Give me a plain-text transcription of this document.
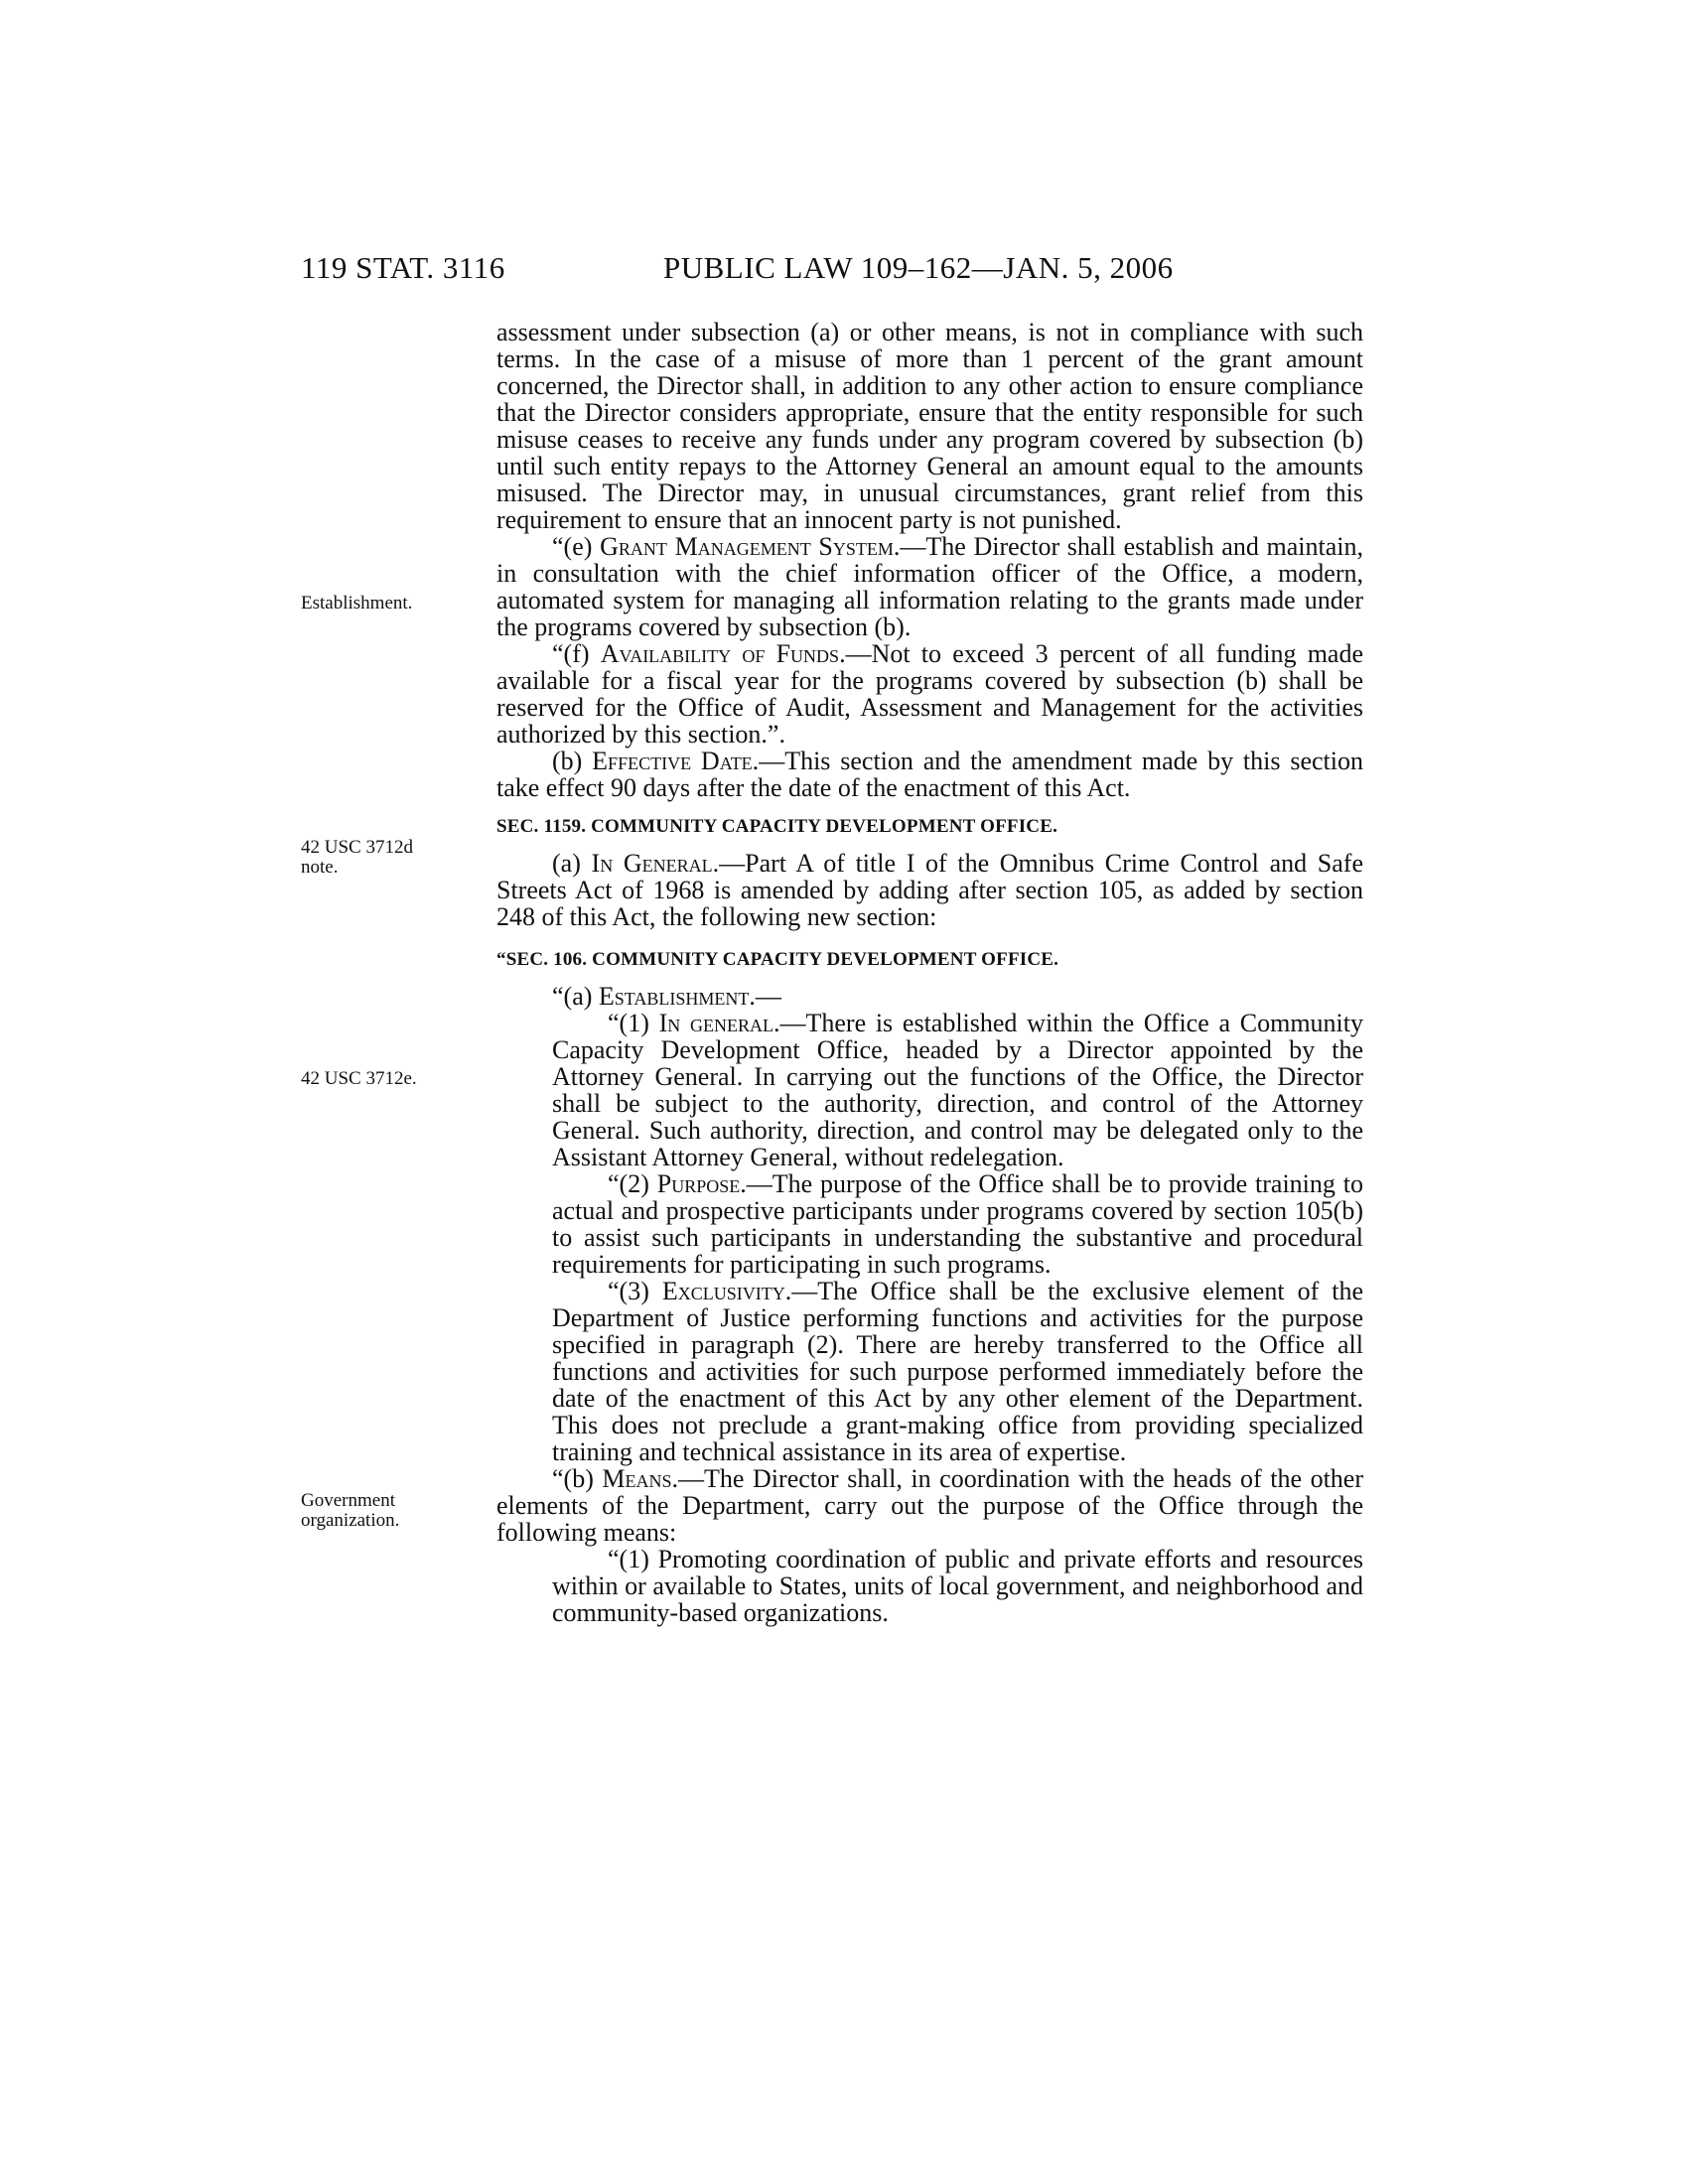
119 STAT. 3116	PUBLIC LAW 109–162—JAN. 5, 2006
Establishment.
42 USC 3712d
note.
42 USC 3712e.
Government
organization.

assessment under subsection (a) or other means, is not in compliance with such terms. In the case of a misuse of more than 1 percent of the grant amount concerned, the Director shall, in addition to any other action to ensure compliance that the Director considers appropriate, ensure that the entity responsible for such misuse ceases to receive any funds under any program covered by subsection (b) until such entity repays to the Attorney General an amount equal to the amounts misused. The Director may, in unusual circumstances, grant relief from this requirement to ensure that an innocent party is not punished.

“(e) Grant Management System.—The Director shall establish and maintain, in consultation with the chief information officer of the Office, a modern, automated system for managing all information relating to the grants made under the programs covered by subsection (b).

“(f) Availability of Funds.—Not to exceed 3 percent of all funding made available for a fiscal year for the programs covered by subsection (b) shall be reserved for the Office of Audit, Assessment and Management for the activities authorized by this section.”.

(b) Effective Date.—This section and the amendment made by this section take effect 90 days after the date of the enactment of this Act.

SEC. 1159. COMMUNITY CAPACITY DEVELOPMENT OFFICE.

(a) In General.—Part A of title I of the Omnibus Crime Control and Safe Streets Act of 1968 is amended by adding after section 105, as added by section 248 of this Act, the following new section:

“SEC. 106. COMMUNITY CAPACITY DEVELOPMENT OFFICE.

“(a) Establishment.—

“(1) In general.—There is established within the Office a Community Capacity Development Office, headed by a Director appointed by the Attorney General. In carrying out the functions of the Office, the Director shall be subject to the authority, direction, and control of the Attorney General. Such authority, direction, and control may be delegated only to the Assistant Attorney General, without redelegation.

“(2) Purpose.—The purpose of the Office shall be to provide training to actual and prospective participants under programs covered by section 105(b) to assist such participants in understanding the substantive and procedural requirements for participating in such programs.

“(3) Exclusivity.—The Office shall be the exclusive element of the Department of Justice performing functions and activities for the purpose specified in paragraph (2). There are hereby transferred to the Office all functions and activities for such purpose performed immediately before the date of the enactment of this Act by any other element of the Department. This does not preclude a grant-making office from providing specialized training and technical assistance in its area of expertise.

“(b) Means.—The Director shall, in coordination with the heads of the other elements of the Department, carry out the purpose of the Office through the following means:

“(1) Promoting coordination of public and private efforts and resources within or available to States, units of local government, and neighborhood and community-based organizations.
